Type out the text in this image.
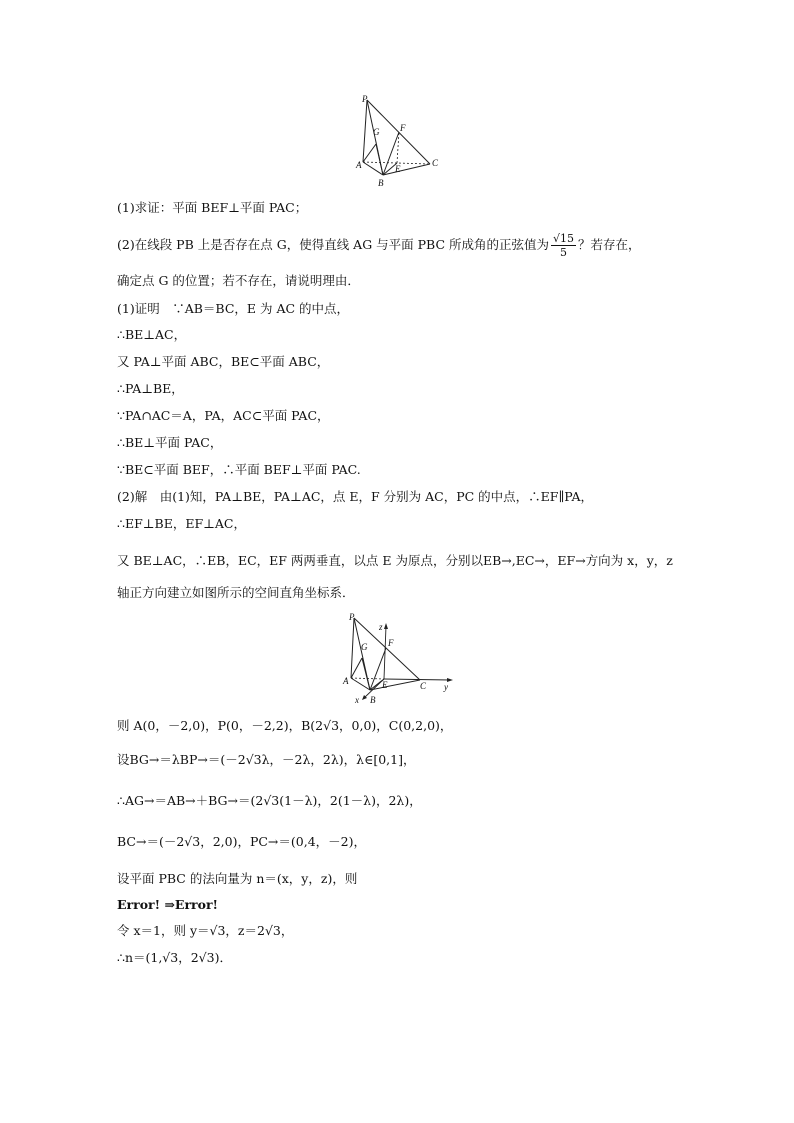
P
G F
A	E
B
C
(1)求证：平面 BEF⊥平面 PAC；
(2)在线段 PB 上是否存在点 G，使得直线 AG 与平面 PBC 所成角的正弦值为 $\frac{√15}{5}$ ？若存在，
确定点 G 的位置；若不存在，请说明理由．
(1)证明　∵AB＝BC，E 为 AC 的中点，
∴BE⊥AC，
又 PA⊥平面 ABC，BE⊂平面 ABC，
∴PA⊥BE，
∵PA∩AC＝A，PA，AC⊂平面 PAC，
∴BE⊥平面 PAC，
∵BE⊂平面 BEF，∴平面 BEF⊥平面 PAC.
(2)解　由(1)知，PA⊥BE，PA⊥AC，点 E，F 分别为 AC，PC 的中点，∴EF∥PA，
∴EF⊥BE，EF⊥AC，
又 BE⊥AC，∴EB，EC，EF 两两垂直，以点 E 为原点，分别以EB→,EC→，EF→方向为 x，y，z
轴正方向建立如图所示的空间直角坐标系．
P
z
G F
A	E	C y
x B
则 A(0，－2,0)，P(0，－2,2)，B(2√3，0,0)，C(0,2,0)，
设BG→＝λBP→＝(－2√3λ，－2λ，2λ)，λ∈[0,1]，
∴AG→＝AB→＋BG→＝(2√3(1－λ)，2(1－λ)，2λ)，
BC→＝(－2√3，2,0)，PC→＝(0,4，－2)，
设平面 PBC 的法向量为 n＝(x，y，z)，则
Error! ⇒Error!
令 x＝1，则 y＝√3，z＝2√3，
∴n＝(1,√3，2√3)．
